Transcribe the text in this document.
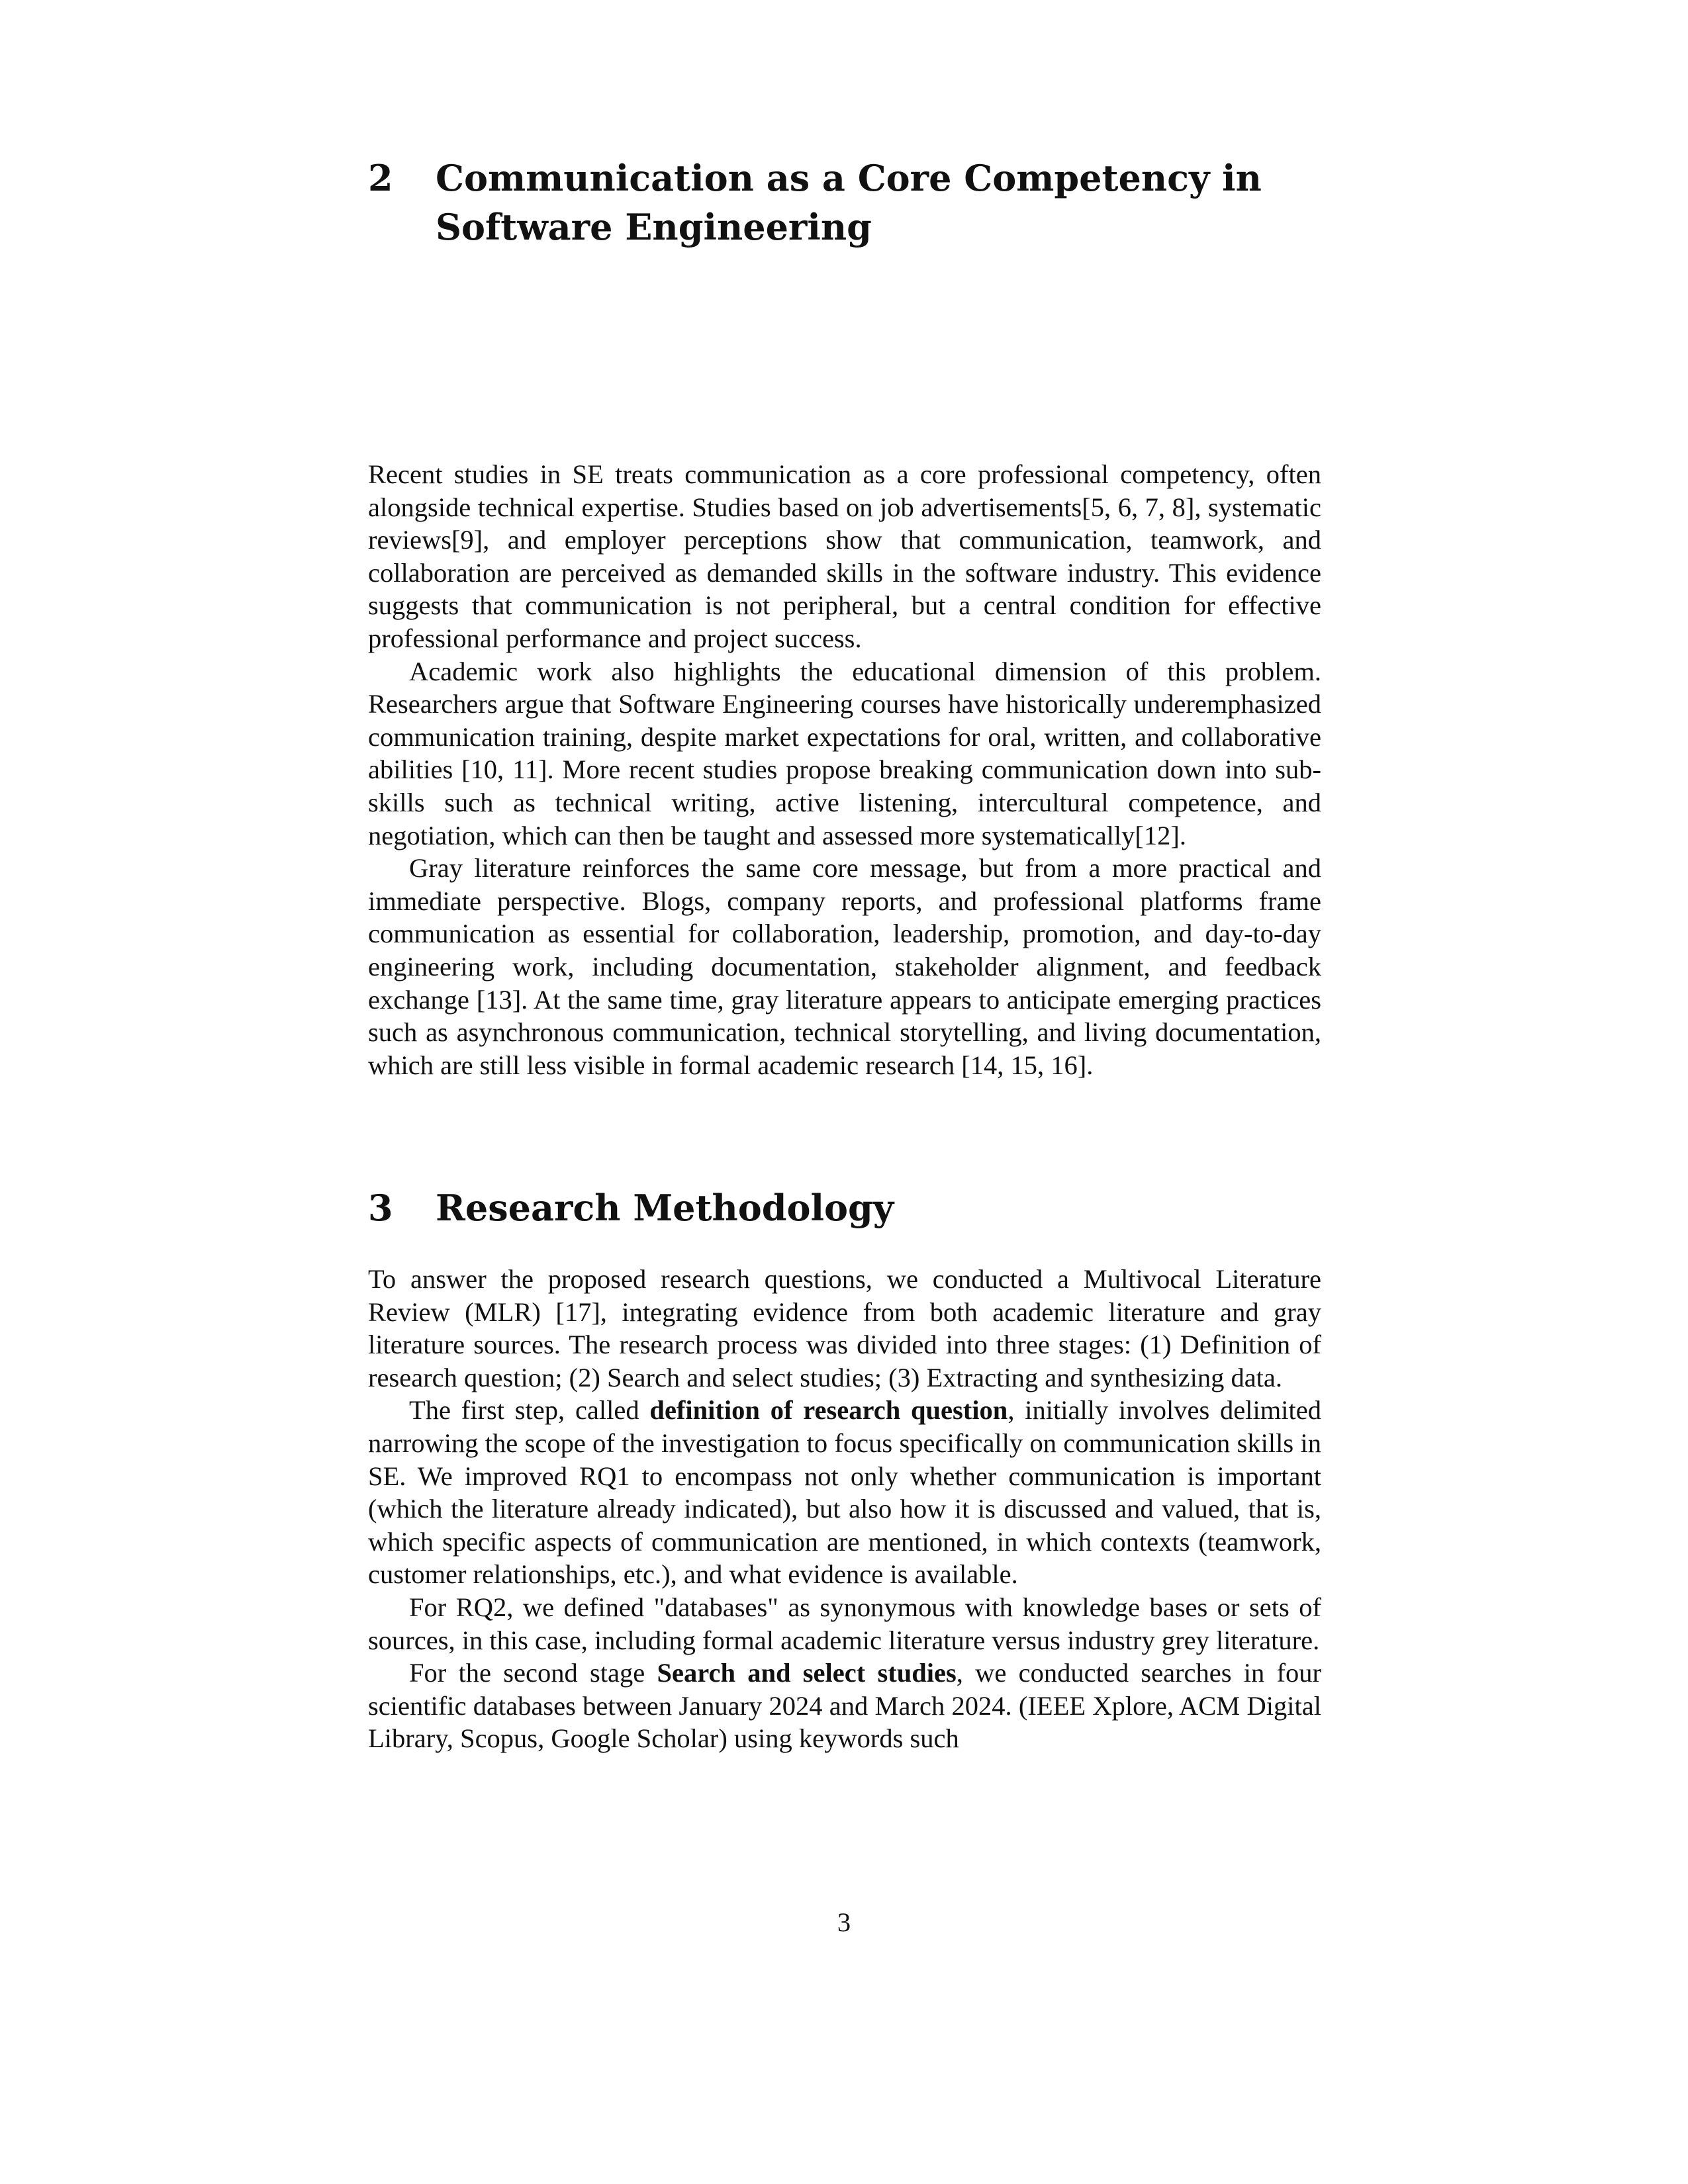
2	Communication as a Core Competency in Software Engineering

Recent studies in SE treats communication as a core professional competency, often alongside technical expertise. Studies based on job advertisements[5, 6, 7, 8], systematic reviews[9], and employer perceptions show that communication, teamwork, and collaboration are perceived as demanded skills in the software industry. This evidence suggests that communication is not peripheral, but a central condition for effective professional performance and project success.

Academic work also highlights the educational dimension of this problem. Researchers argue that Software Engineering courses have historically underemphasized communication training, despite market expectations for oral, written, and collaborative abilities [10, 11]. More recent studies propose breaking communication down into sub-skills such as technical writing, active listening, intercultural competence, and negotiation, which can then be taught and assessed more systematically[12].

Gray literature reinforces the same core message, but from a more practical and immediate perspective. Blogs, company reports, and professional platforms frame communication as essential for collaboration, leadership, promotion, and day-to-day engineering work, including documentation, stakeholder alignment, and feedback exchange [13]. At the same time, gray literature appears to anticipate emerging practices such as asynchronous communication, technical storytelling, and living documentation, which are still less visible in formal academic research [14, 15, 16].

3	Research Methodology

To answer the proposed research questions, we conducted a Multivocal Literature Review (MLR) [17], integrating evidence from both academic literature and gray literature sources. The research process was divided into three stages: (1) Definition of research question; (2) Search and select studies; (3) Extracting and synthesizing data.

The first step, called definition of research question, initially involves delimited narrowing the scope of the investigation to focus specifically on communication skills in SE. We improved RQ1 to encompass not only whether communication is important (which the literature already indicated), but also how it is discussed and valued, that is, which specific aspects of communication are mentioned, in which contexts (teamwork, customer relationships, etc.), and what evidence is available.

For RQ2, we defined "databases" as synonymous with knowledge bases or sets of sources, in this case, including formal academic literature versus industry grey literature.

For the second stage Search and select studies, we conducted searches in four scientific databases between January 2024 and March 2024. (IEEE Xplore, ACM Digital Library, Scopus, Google Scholar) using keywords such

3
